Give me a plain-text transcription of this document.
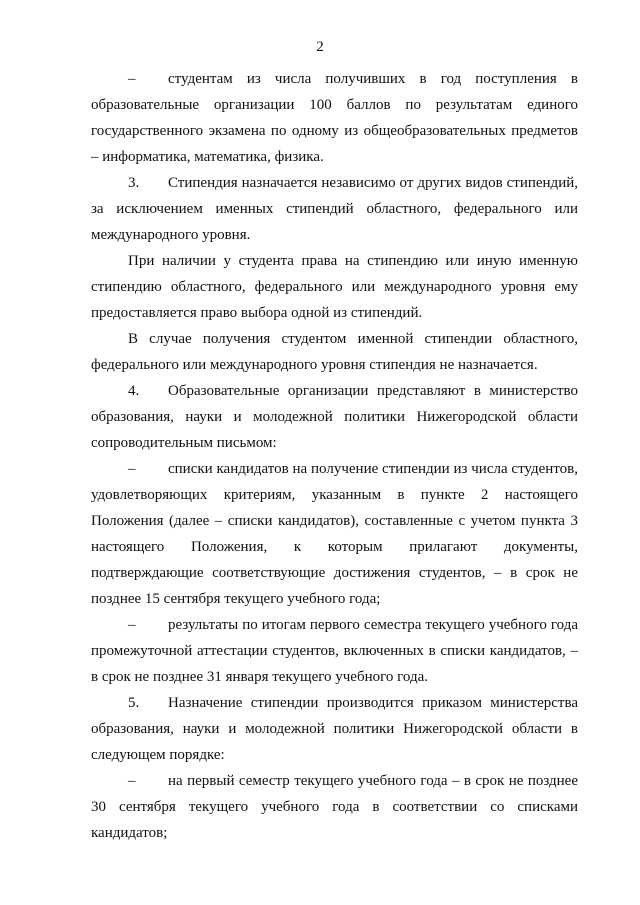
2

– студентам из числа получивших в год поступления в образовательные организации 100 баллов по результатам единого государственного экзамена по одному из общеобразовательных предметов – информатика, математика, физика.

3. Стипендия назначается независимо от других видов стипендий, за исключением именных стипендий областного, федерального или международного уровня.

При наличии у студента права на стипендию или иную именную стипендию областного, федерального или международного уровня ему предоставляется право выбора одной из стипендий.

В случае получения студентом именной стипендии областного, федерального или международного уровня стипендия не назначается.

4. Образовательные организации представляют в министерство образования, науки и молодежной политики Нижегородской области сопроводительным письмом:

– списки кандидатов на получение стипендии из числа студентов, удовлетворяющих критериям, указанным в пункте 2 настоящего Положения (далее – списки кандидатов), составленные с учетом пункта 3 настоящего Положения, к которым прилагают документы, подтверждающие соответствующие достижения студентов, – в срок не позднее 15 сентября текущего учебного года;

– результаты по итогам первого семестра текущего учебного года промежуточной аттестации студентов, включенных в списки кандидатов, – в срок не позднее 31 января текущего учебного года.

5. Назначение стипендии производится приказом министерства образования, науки и молодежной политики Нижегородской области в следующем порядке:

– на первый семестр текущего учебного года – в срок не позднее 30 сентября текущего учебного года в соответствии со списками кандидатов;
